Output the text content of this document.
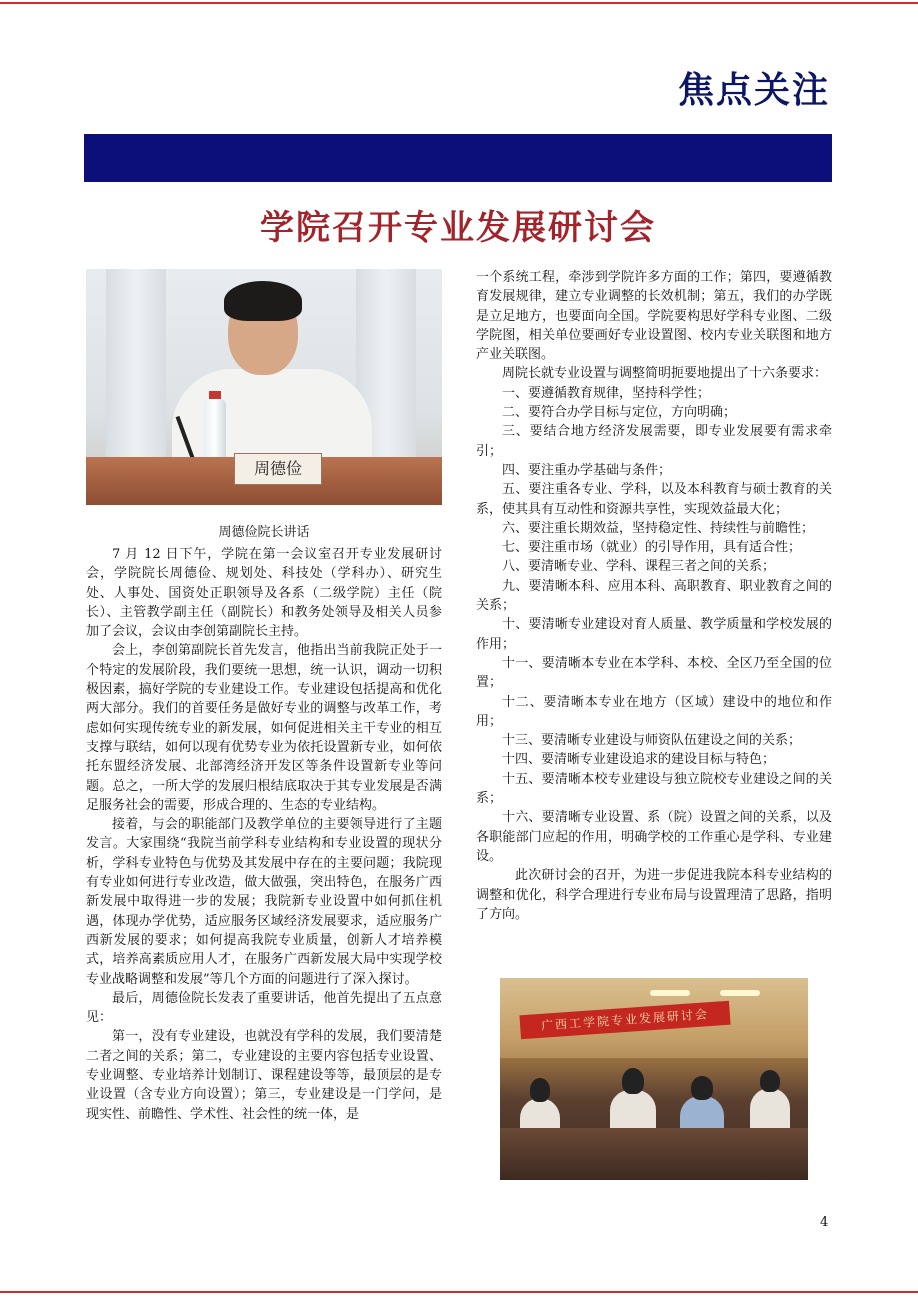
焦点关注
学院召开专业发展研讨会
周德俭
周德俭院长讲话

7 月 12 日下午，学院在第一会议室召开专业发展研讨会，学院院长周德俭、规划处、科技处（学科办）、研究生处、人事处、国资处正职领导及各系（二级学院）主任（院长）、主管教学副主任（副院长）和教务处领导及相关人员参加了会议，会议由李创第副院长主持。

会上，李创第副院长首先发言，他指出当前我院正处于一个特定的发展阶段，我们要统一思想，统一认识，调动一切积极因素，搞好学院的专业建设工作。专业建设包括提高和优化两大部分。我们的首要任务是做好专业的调整与改革工作，考虑如何实现传统专业的新发展，如何促进相关主干专业的相互支撑与联结，如何以现有优势专业为依托设置新专业，如何依托东盟经济发展、北部湾经济开发区等条件设置新专业等问题。总之，一所大学的发展归根结底取决于其专业发展是否满足服务社会的需要，形成合理的、生态的专业结构。

接着，与会的职能部门及教学单位的主要领导进行了主题发言。大家围绕“我院当前学科专业结构和专业设置的现状分析，学科专业特色与优势及其发展中存在的主要问题；我院现有专业如何进行专业改造，做大做强，突出特色，在服务广西新发展中取得进一步的发展；我院新专业设置中如何抓住机遇，体现办学优势，适应服务区域经济发展要求，适应服务广西新发展的要求；如何提高我院专业质量，创新人才培养模式，培养高素质应用人才，在服务广西新发展大局中实现学校专业战略调整和发展”等几个方面的问题进行了深入探讨。

最后，周德俭院长发表了重要讲话，他首先提出了五点意见：

第一，没有专业建设，也就没有学科的发展，我们要清楚二者之间的关系；第二，专业建设的主要内容包括专业设置、专业调整、专业培养计划制订、课程建设等等，最顶层的是专业设置（含专业方向设置）；第三，专业建设是一门学问，是现实性、前瞻性、学术性、社会性的统一体，是

一个系统工程，牵涉到学院许多方面的工作；第四，要遵循教育发展规律，建立专业调整的长效机制；第五，我们的办学既是立足地方，也要面向全国。学院要构思好学科专业图、二级学院图，相关单位要画好专业设置图、校内专业关联图和地方产业关联图。

周院长就专业设置与调整简明扼要地提出了十六条要求：

一、要遵循教育规律，坚持科学性；

二、要符合办学目标与定位，方向明确；

三、要结合地方经济发展需要，即专业发展要有需求牵引；

四、要注重办学基础与条件；

五、要注重各专业、学科，以及本科教育与硕士教育的关系，使其具有互动性和资源共享性，实现效益最大化；

六、要注重长期效益，坚持稳定性、持续性与前瞻性；

七、要注重市场（就业）的引导作用，具有适合性；

八、要清晰专业、学科、课程三者之间的关系；

九、要清晰本科、应用本科、高职教育、职业教育之间的关系；

十、要清晰专业建设对育人质量、教学质量和学校发展的作用；

十一、要清晰本专业在本学科、本校、全区乃至全国的位置；

十二、要清晰本专业在地方（区域）建设中的地位和作用；

十三、要清晰专业建设与师资队伍建设之间的关系；

十四、要清晰专业建设追求的建设目标与特色；

十五、要清晰本校专业建设与独立院校专业建设之间的关系；

十六、要清晰专业设置、系（院）设置之间的关系，以及各职能部门应起的作用，明确学校的工作重心是学科、专业建设。

此次研讨会的召开，为进一步促进我院本科专业结构的调整和优化，科学合理进行专业布局与设置理清了思路，指明了方向。

广西工学院专业发展研讨会
4
